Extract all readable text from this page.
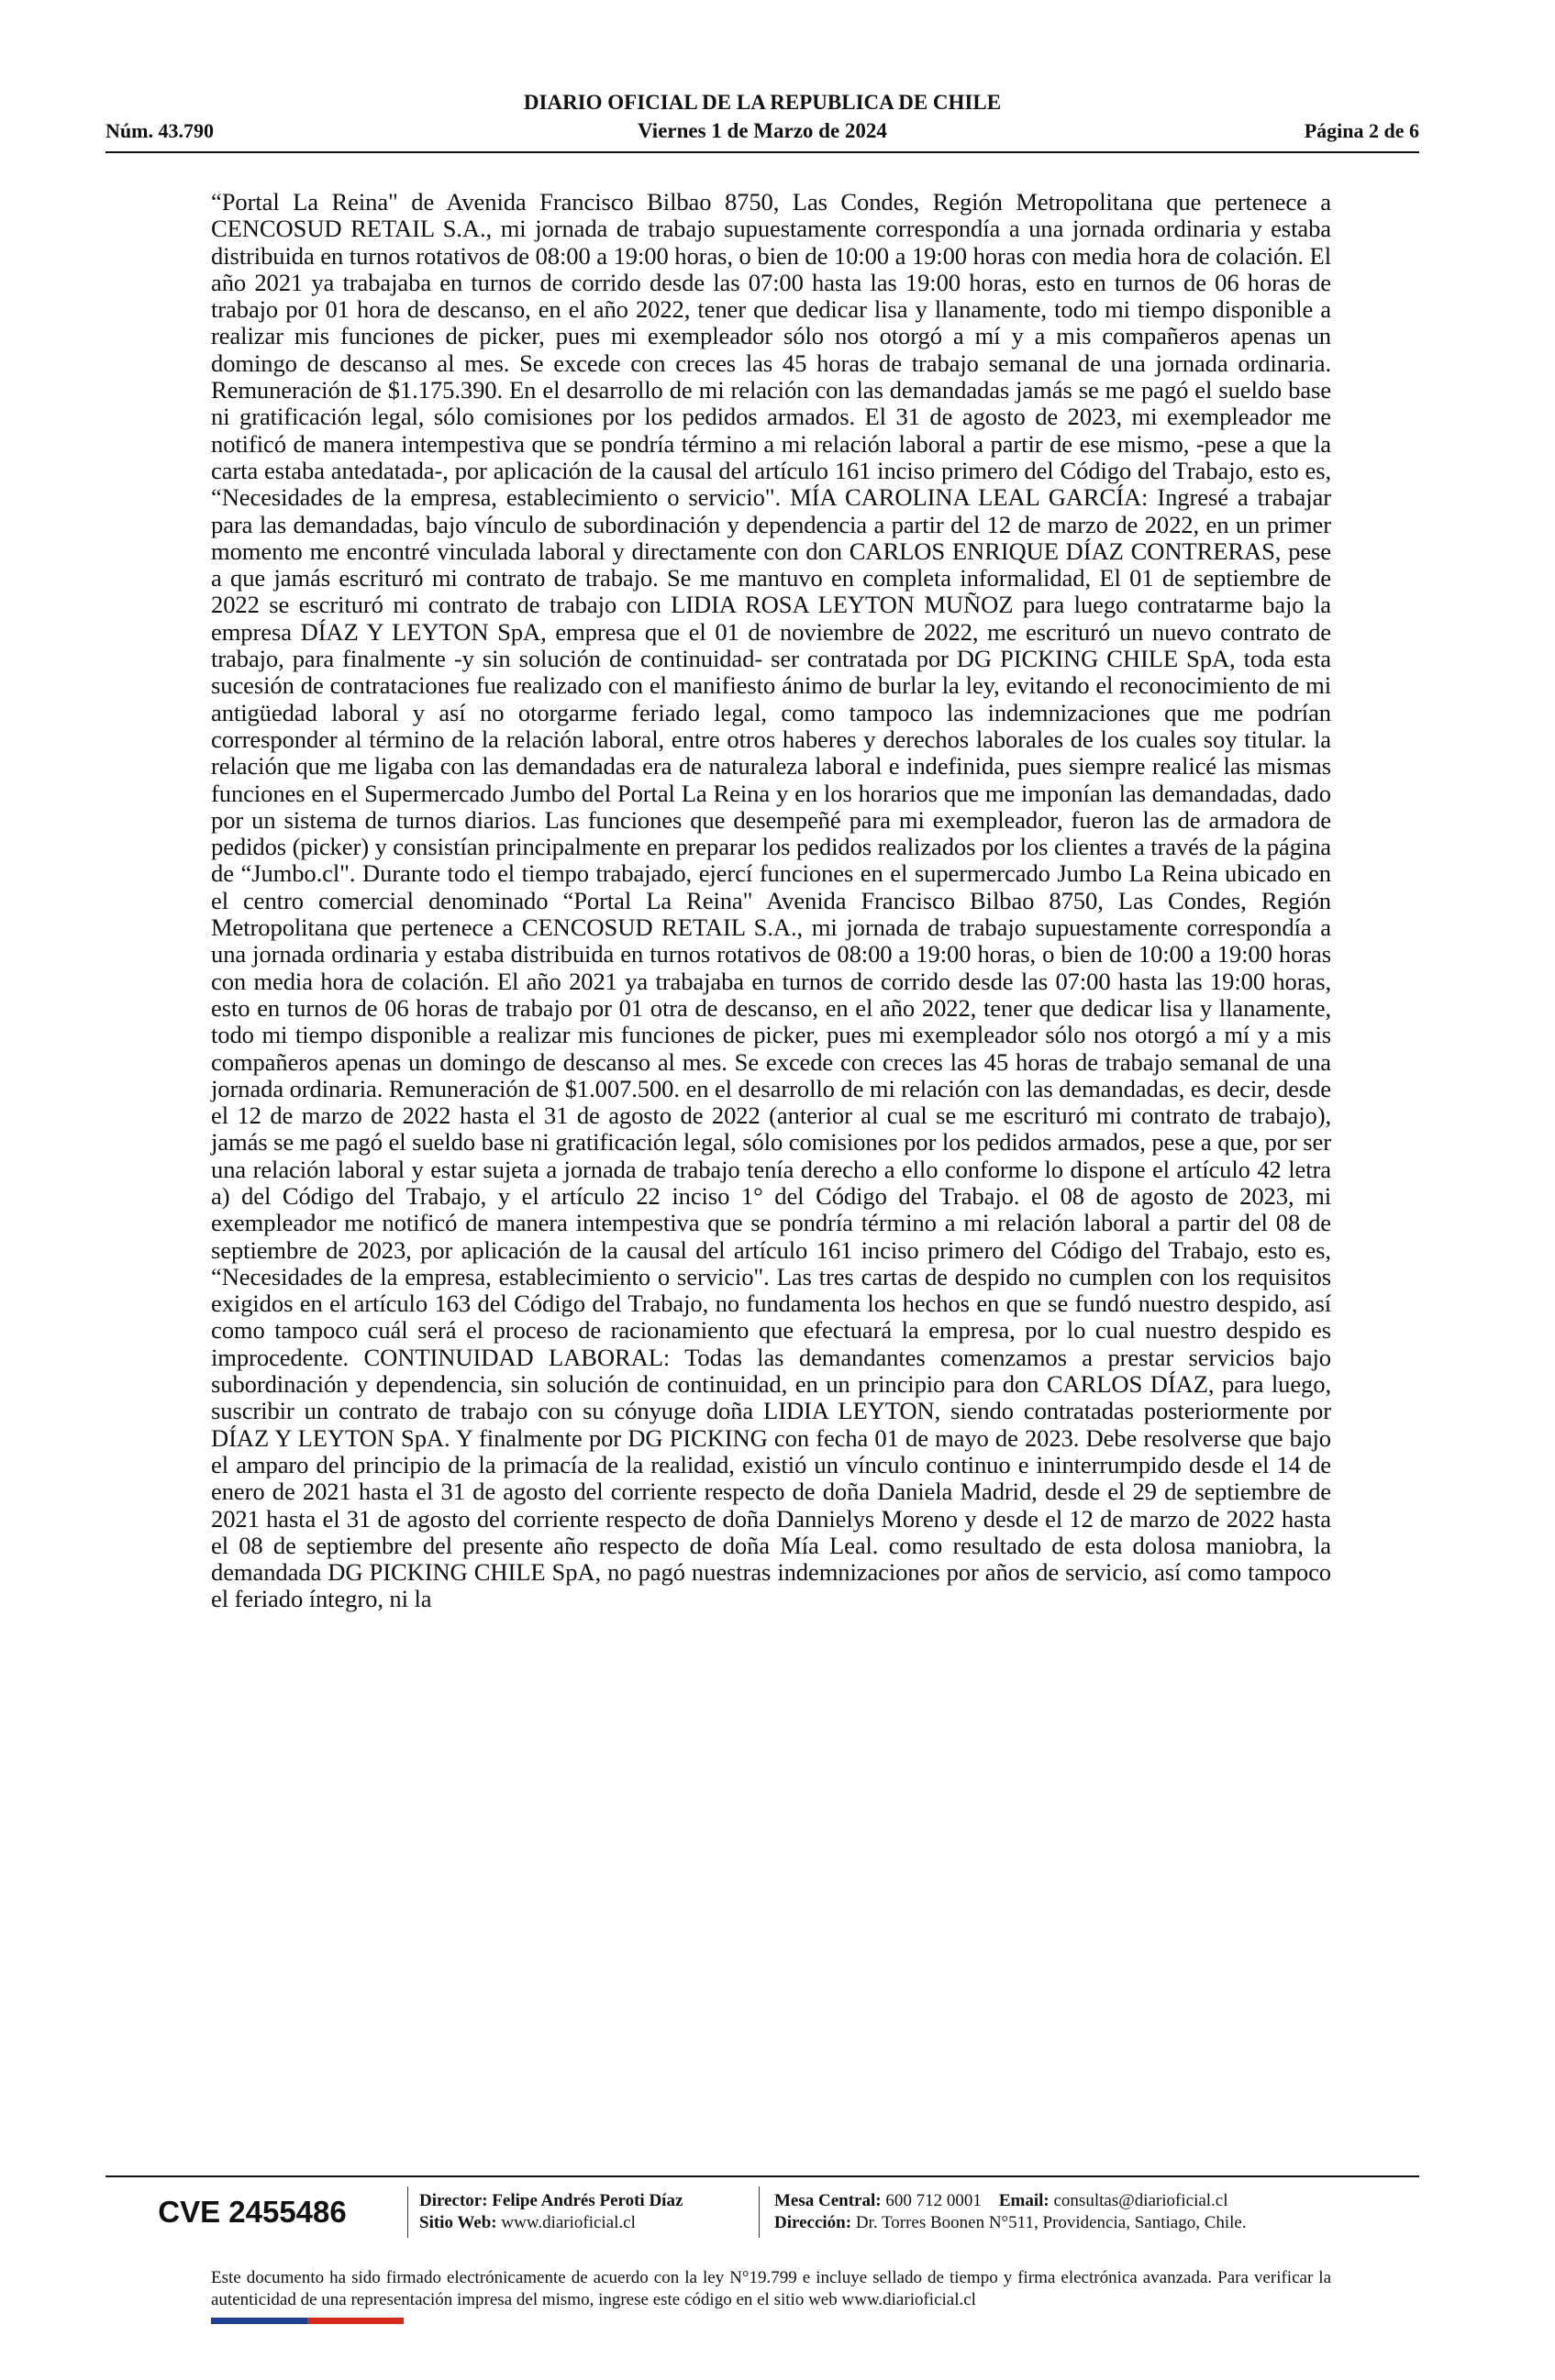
Núm. 43.790
DIARIO OFICIAL DE LA REPUBLICA DE CHILE
Viernes 1 de Marzo de 2024	Página 2 de 6
“Portal La Reina" de Avenida Francisco Bilbao 8750, Las Condes, Región Metropolitana que pertenece a CENCOSUD RETAIL S.A., mi jornada de trabajo supuestamente correspondía a una jornada ordinaria y estaba distribuida en turnos rotativos de 08:00 a 19:00 horas, o bien de 10:00 a 19:00 horas con media hora de colación. El año 2021 ya trabajaba en turnos de corrido desde las 07:00 hasta las 19:00 horas, esto en turnos de 06 horas de trabajo por 01 hora de descanso, en el año 2022, tener que dedicar lisa y llanamente, todo mi tiempo disponible a realizar mis funciones de picker, pues mi exempleador sólo nos otorgó a mí y a mis compañeros apenas un domingo de descanso al mes. Se excede con creces las 45 horas de trabajo semanal de una jornada ordinaria. Remuneración de $1.175.390. En el desarrollo de mi relación con las demandadas jamás se me pagó el sueldo base ni gratificación legal, sólo comisiones por los pedidos armados. El 31 de agosto de 2023, mi exempleador me notificó de manera intempestiva que se pondría término a mi relación laboral a partir de ese mismo, -pese a que la carta estaba antedatada-, por aplicación de la causal del artículo 161 inciso primero del Código del Trabajo, esto es, “Necesidades de la empresa, establecimiento o servicio". MÍA CAROLINA LEAL GARCÍA: Ingresé a trabajar para las demandadas, bajo vínculo de subordinación y dependencia a partir del 12 de marzo de 2022, en un primer momento me encontré vinculada laboral y directamente con don CARLOS ENRIQUE DÍAZ CONTRERAS, pese a que jamás escrituró mi contrato de trabajo. Se me mantuvo en completa informalidad, El 01 de septiembre de 2022 se escrituró mi contrato de trabajo con LIDIA ROSA LEYTON MUÑOZ para luego contratarme bajo la empresa DÍAZ Y LEYTON SpA, empresa que el 01 de noviembre de 2022, me escrituró un nuevo contrato de trabajo, para finalmente -y sin solución de continuidad- ser contratada por DG PICKING CHILE SpA, toda esta sucesión de contrataciones fue realizado con el manifiesto ánimo de burlar la ley, evitando el reconocimiento de mi antigüedad laboral y así no otorgarme feriado legal, como tampoco las indemnizaciones que me podrían corresponder al término de la relación laboral, entre otros haberes y derechos laborales de los cuales soy titular. la relación que me ligaba con las demandadas era de naturaleza laboral e indefinida, pues siempre realicé las mismas funciones en el Supermercado Jumbo del Portal La Reina y en los horarios que me imponían las demandadas, dado por un sistema de turnos diarios. Las funciones que desempeñé para mi exempleador, fueron las de armadora de pedidos (picker) y consistían principalmente en preparar los pedidos realizados por los clientes a través de la página de “Jumbo.cl". Durante todo el tiempo trabajado, ejercí funciones en el supermercado Jumbo La Reina ubicado en el centro comercial denominado “Portal La Reina" Avenida Francisco Bilbao 8750, Las Condes, Región Metropolitana que pertenece a CENCOSUD RETAIL S.A., mi jornada de trabajo supuestamente correspondía a una jornada ordinaria y estaba distribuida en turnos rotativos de 08:00 a 19:00 horas, o bien de 10:00 a 19:00 horas con media hora de colación. El año 2021 ya trabajaba en turnos de corrido desde las 07:00 hasta las 19:00 horas, esto en turnos de 06 horas de trabajo por 01 otra de descanso, en el año 2022, tener que dedicar lisa y llanamente, todo mi tiempo disponible a realizar mis funciones de picker, pues mi exempleador sólo nos otorgó a mí y a mis compañeros apenas un domingo de descanso al mes. Se excede con creces las 45 horas de trabajo semanal de una jornada ordinaria. Remuneración de $1.007.500. en el desarrollo de mi relación con las demandadas, es decir, desde el 12 de marzo de 2022 hasta el 31 de agosto de 2022 (anterior al cual se me escrituró mi contrato de trabajo), jamás se me pagó el sueldo base ni gratificación legal, sólo comisiones por los pedidos armados, pese a que, por ser una relación laboral y estar sujeta a jornada de trabajo tenía derecho a ello conforme lo dispone el artículo 42 letra a) del Código del Trabajo, y el artículo 22 inciso 1° del Código del Trabajo. el 08 de agosto de 2023, mi exempleador me notificó de manera intempestiva que se pondría término a mi relación laboral a partir del 08 de septiembre de 2023, por aplicación de la causal del artículo 161 inciso primero del Código del Trabajo, esto es, “Necesidades de la empresa, establecimiento o servicio". Las tres cartas de despido no cumplen con los requisitos exigidos en el artículo 163 del Código del Trabajo, no fundamenta los hechos en que se fundó nuestro despido, así como tampoco cuál será el proceso de racionamiento que efectuará la empresa, por lo cual nuestro despido es improcedente. CONTINUIDAD LABORAL: Todas las demandantes comenzamos a prestar servicios bajo subordinación y dependencia, sin solución de continuidad, en un principio para don CARLOS DÍAZ, para luego, suscribir un contrato de trabajo con su cónyuge doña LIDIA LEYTON, siendo contratadas posteriormente por DÍAZ Y LEYTON SpA. Y finalmente por DG PICKING con fecha 01 de mayo de 2023. Debe resolverse que bajo el amparo del principio de la primacía de la realidad, existió un vínculo continuo e ininterrumpido desde el 14 de enero de 2021 hasta el 31 de agosto del corriente respecto de doña Daniela Madrid, desde el 29 de septiembre de 2021 hasta el 31 de agosto del corriente respecto de doña Dannielys Moreno y desde el 12 de marzo de 2022 hasta el 08 de septiembre del presente año respecto de doña Mía Leal. como resultado de esta dolosa maniobra, la demandada DG PICKING CHILE SpA, no pagó nuestras indemnizaciones por años de servicio, así como tampoco el feriado íntegro, ni la
CVE 2455486	Director: Felipe Andrés Peroti Díaz
Sitio Web: www.diarioficial.cl
Mesa Central: 600 712 0001 Email: consultas@diarioficial.cl
Dirección: Dr. Torres Boonen N°511, Providencia, Santiago, Chile.
Este documento ha sido firmado electrónicamente de acuerdo con la ley N°19.799 e incluye sellado de tiempo y firma electrónica avanzada. Para verificar la autenticidad de una representación impresa del mismo, ingrese este código en el sitio web www.diarioficial.cl
